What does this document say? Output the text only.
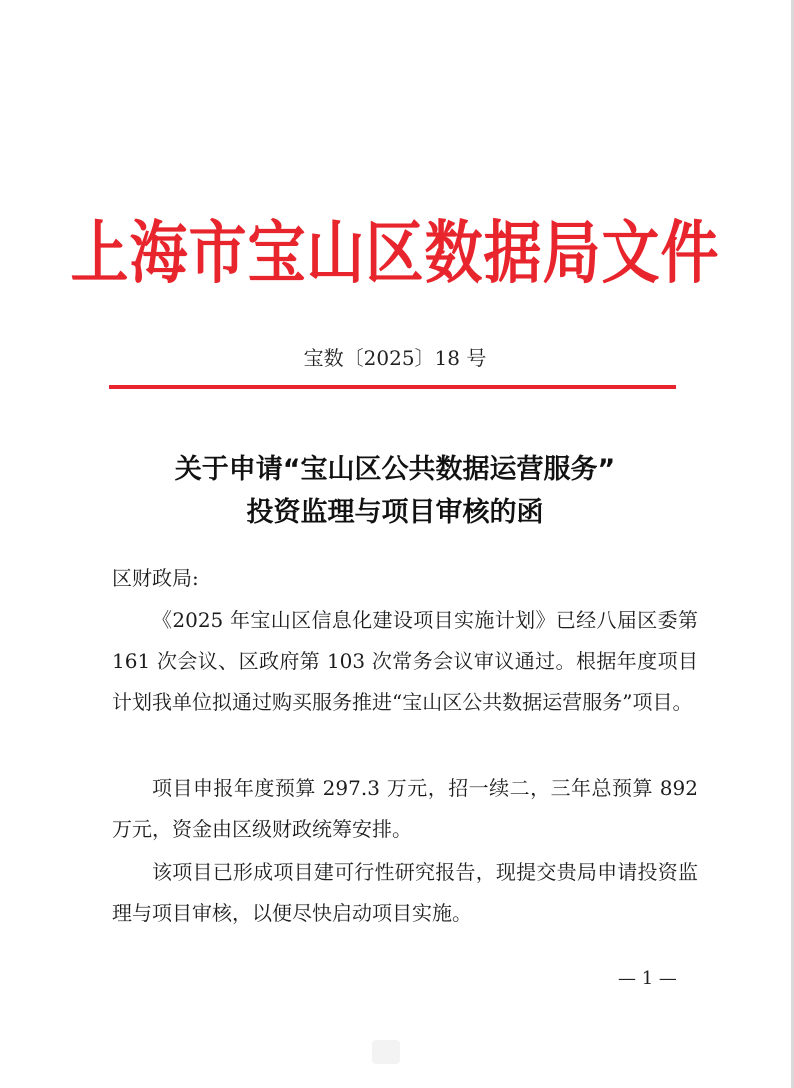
上海市宝山区数据局文件
宝数〔2025〕18 号
关于申请“宝山区公共数据运营服务”
投资监理与项目审核的函
区财政局:
《2025 年宝山区信息化建设项目实施计划》已经八届区委第 161 次会议、区政府第 103 次常务会议审议通过。根据年度项目计划我单位拟通过购买服务推进“宝山区公共数据运营服务”项目。
项目申报年度预算 297.3 万元，招一续二，三年总预算 892 万元，资金由区级财政统筹安排。
该项目已形成项目建可行性研究报告，现提交贵局申请投资监理与项目审核，以便尽快启动项目实施。
— 1 —
